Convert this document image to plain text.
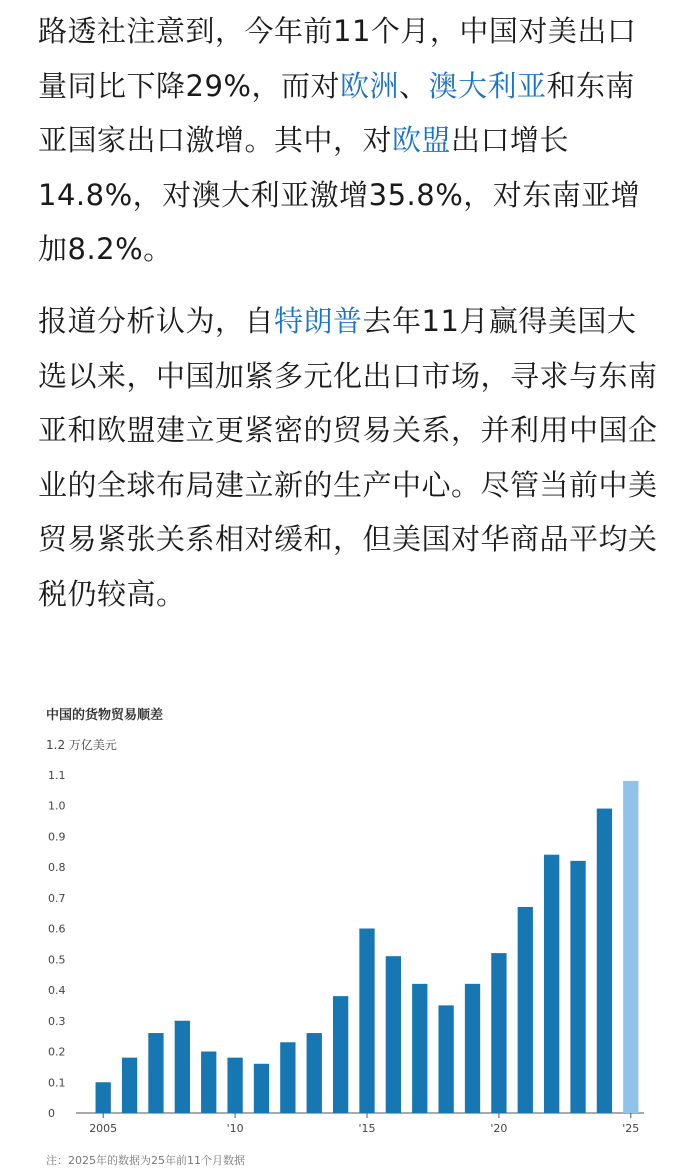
路透社注意到，今年前11个月，中国对美出口量同比下降29%，而对欧洲、澳大利亚和东南亚国家出口激增。其中，对欧盟出口增长14.8%，对澳大利亚激增35.8%，对东南亚增加8.2%。

报道分析认为，自特朗普去年11月赢得美国大选以来，中国加紧多元化出口市场，寻求与东南亚和欧盟建立更紧密的贸易关系，并利用中国企业的全球布局建立新的生产中心。尽管当前中美贸易紧张关系相对缓和，但美国对华商品平均关税仍较高。

0
0.1
0.2
0.3
0.4
0.5
0.6
0.7
0.8
0.9
1.0
1.1
2005	'10	'15	'20	'25
中国的货物贸易顺差
1.2 万亿美元
注：2025年的数据为25年前11个月数据
